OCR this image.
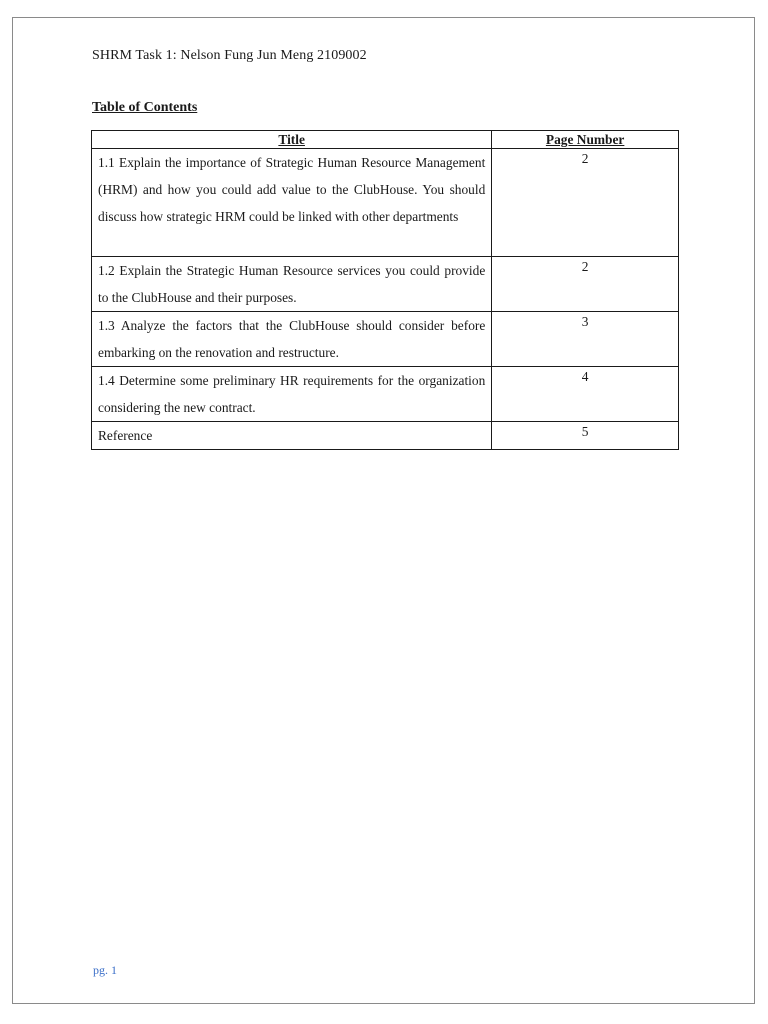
SHRM Task 1: Nelson Fung Jun Meng 2109002
Table of Contents
Title	Page Number
1.1 Explain the importance of Strategic Human Resource Management (HRM) and how you could add value to the ClubHouse. You should discuss how strategic HRM could be linked with other departments	2
1.2 Explain the Strategic Human Resource services you could provide to the ClubHouse and their purposes.	2
1.3 Analyze the factors that the ClubHouse should consider before embarking on the renovation and restructure.	3
1.4 Determine some preliminary HR requirements for the organization considering the new contract.	4
Reference	5
pg. 1
